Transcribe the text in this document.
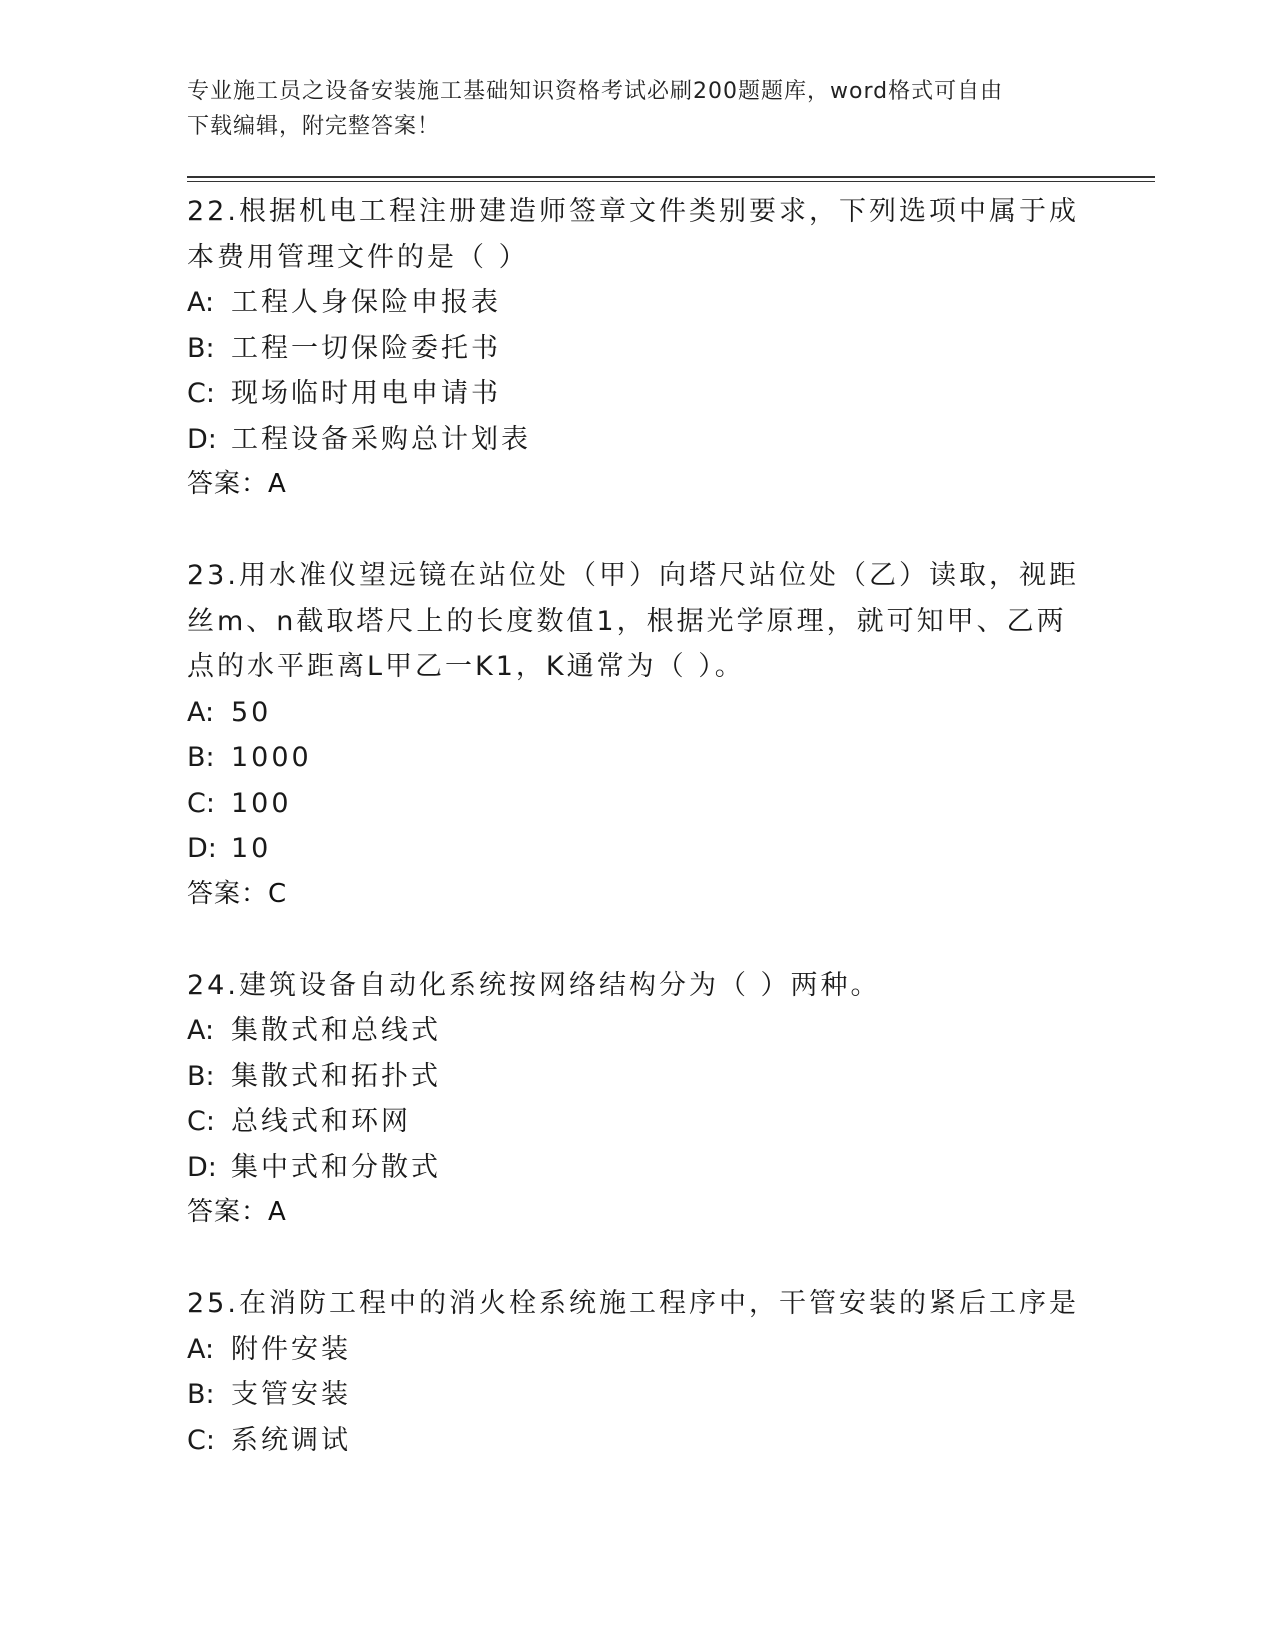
专业施工员之设备安装施工基础知识资格考试必刷200题题库，word格式可自由
下载编辑，附完整答案！
22.根据机电工程注册建造师签章文件类别要求，下列选项中属于成本费用管理文件的是（ ）
A: 工程人身保险申报表
B: 工程一切保险委托书
C: 现场临时用电申请书
D: 工程设备采购总计划表
答案：A
23.用水准仪望远镜在站位处（甲）向塔尺站位处（乙）读取，视距丝m、n截取塔尺上的长度数值1，根据光学原理，就可知甲、乙两点的水平距离L甲乙一K1，K通常为（ ）。
A: 50
B: 1000
C: 100
D: 10
答案：C
24.建筑设备自动化系统按网络结构分为（ ）两种。
A: 集散式和总线式
B: 集散式和拓扑式
C: 总线式和环网
D: 集中式和分散式
答案：A
25.在消防工程中的消火栓系统施工程序中，干管安装的紧后工序是
A: 附件安装
B: 支管安装
C: 系统调试
